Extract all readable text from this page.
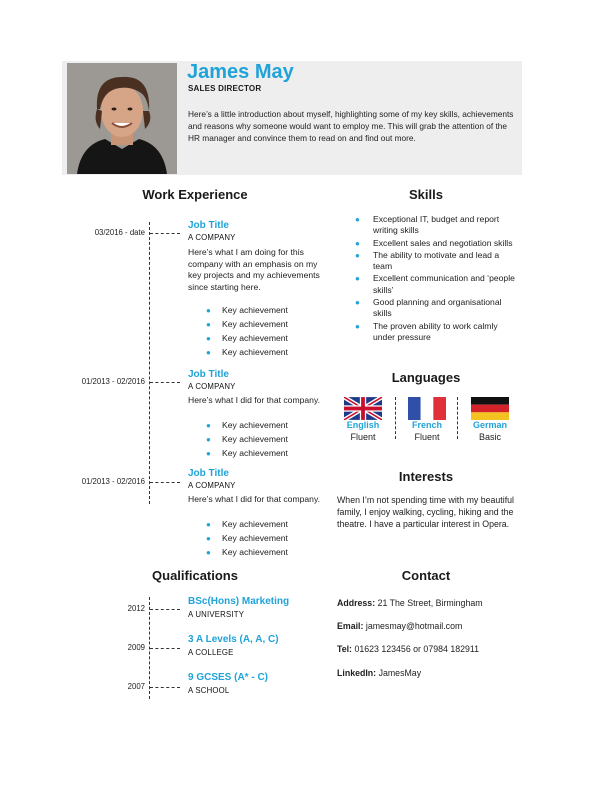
James May
SALES DIRECTOR
Here’s a little introduction about myself, highlighting some of my key skills, achievements and reasons why someone would want to employ me. This will grab the attention of the HR manager and convince them to read on and find out more.
Work Experience
03/2016 - date
Job Title
A COMPANY
Here’s what I am doing for this company with an emphasis on my key projects and my achievements since starting here.
● Key achievement
● Key achievement
● Key achievement
● Key achievement
01/2013 - 02/2016
Job Title
A COMPANY
Here’s what I did for that company.
● Key achievement
● Key achievement
● Key achievement
01/2013 - 02/2016
Job Title
A COMPANY
Here’s what I did for that company.
● Key achievement
● Key achievement
● Key achievement
Skills
● Exceptional IT, budget and report writing skills
● Excellent sales and negotiation skills
● The ability to motivate and lead a team
● Excellent communication and ‘people skills’
● Good planning and organisational skills
● The proven ability to work calmly under pressure
Languages
English
Fluent
French
Fluent
German
Basic
Interests
When I’m not spending time with my beautiful family, I enjoy walking, cycling, hiking and the theatre. I have a particular interest in Opera.
Qualifications
2012
BSc(Hons) Marketing
A UNIVERSITY
2009
3 A Levels (A, A, C)
A COLLEGE
2007
9 GCSES (A* - C)
A SCHOOL
Contact
Address: 21 The Street, Birmingham
Email: jamesmay@hotmail.com
Tel: 01623 123456 or 07984 182911
LinkedIn: JamesMay
